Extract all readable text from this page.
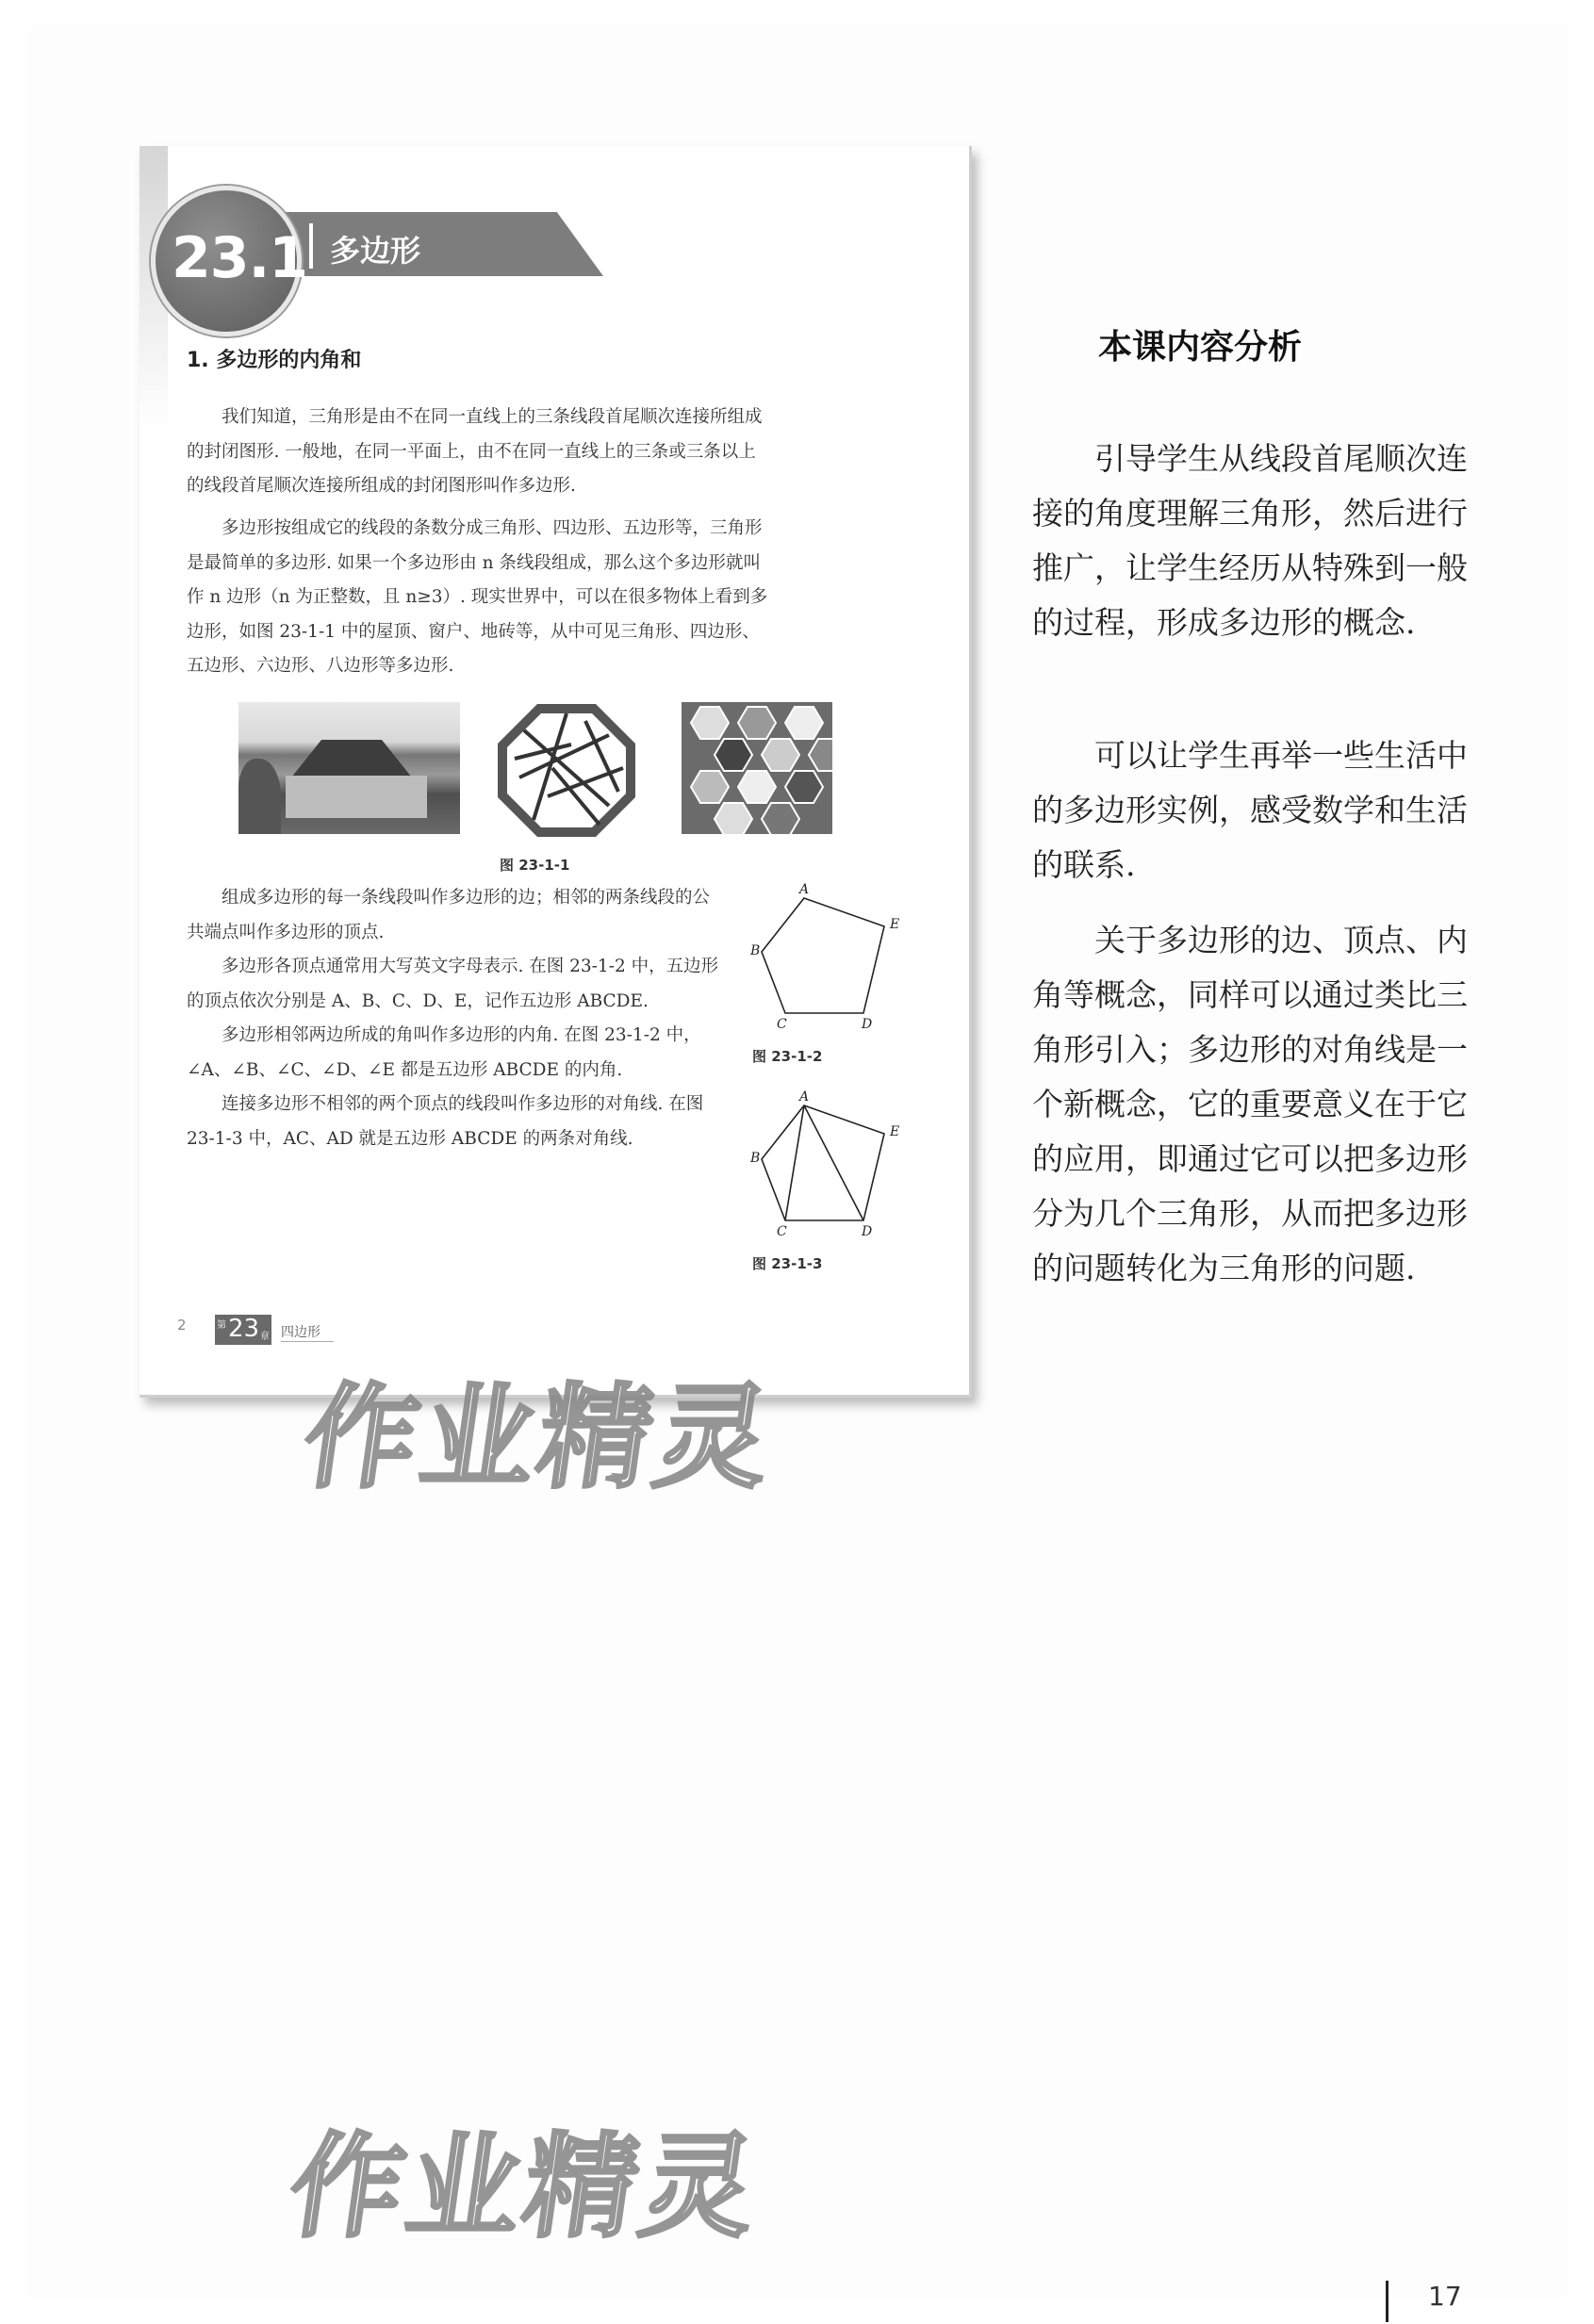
23.1 多边形
1. 多边形的内角和

我们知道，三角形是由不在同一直线上的三条线段首尾顺次连接所组成的封闭图形. 一般地，在同一平面上，由不在同一直线上的三条或三条以上的线段首尾顺次连接所组成的封闭图形叫作多边形.

多边形按组成它的线段的条数分成三角形、四边形、五边形等，三角形是最简单的多边形. 如果一个多边形由 n 条线段组成，那么这个多边形就叫作 n 边形（n 为正整数，且 n≥3）. 现实世界中，可以在很多物体上看到多边形，如图 23-1-1 中的屋顶、窗户、地砖等，从中可见三角形、四边形、五边形、六边形、八边形等多边形.

图 23-1-1

组成多边形的每一条线段叫作多边形的边；相邻的两条线段的公共端点叫作多边形的顶点.

多边形各顶点通常用大写英文字母表示. 在图 23-1-2 中，五边形的顶点依次分别是 A、B、C、D、E，记作五边形 ABCDE.

多边形相邻两边所成的角叫作多边形的内角. 在图 23-1-2 中，∠A、∠B、∠C、∠D、∠E 都是五边形 ABCDE 的内角.

连接多边形不相邻的两个顶点的线段叫作多边形的对角线. 在图 23-1-3 中，AC、AD 就是五边形 ABCDE 的两条对角线.

A
B
C	D
E
图 23-1-2
A
B
C	D
E
图 23-1-3
2	第 23 章 四边形
作业精灵
作业精灵
本课内容分析

引导学生从线段首尾顺次连接的角度理解三角形，然后进行推广，让学生经历从特殊到一般的过程，形成多边形的概念.

可以让学生再举一些生活中的多边形实例，感受数学和生活的联系.

关于多边形的边、顶点、内角等概念，同样可以通过类比三角形引入；多边形的对角线是一个新概念，它的重要意义在于它的应用，即通过它可以把多边形分为几个三角形，从而把多边形的问题转化为三角形的问题.

17
